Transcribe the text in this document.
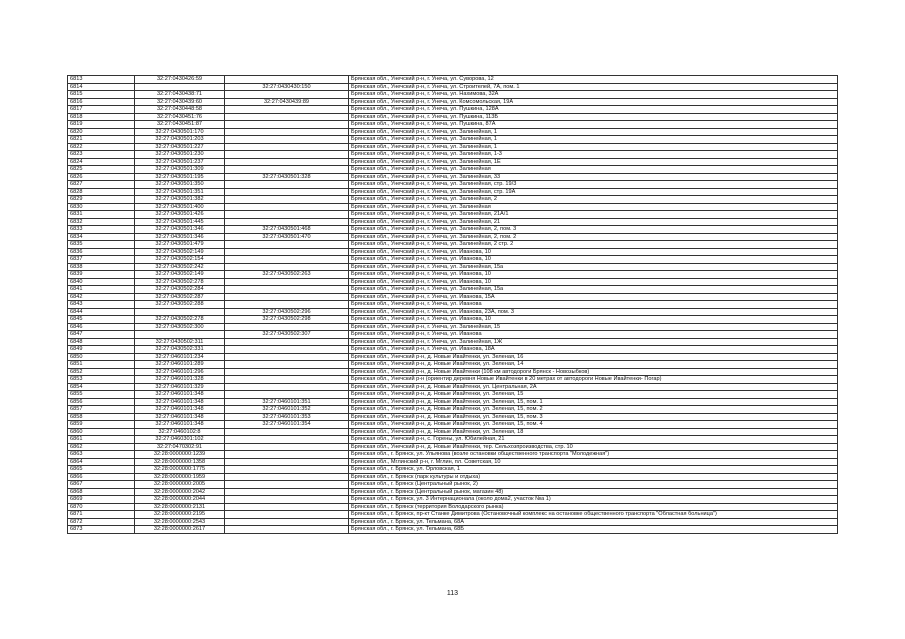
6813	32:27:0430426:59		Брянская обл., Унечский р-н, г. Унеча, ул. Суворова, 12
6814		32:27:0430430:150	Брянская обл., Унечский р-н, г. Унеча, ул. Строителей, 7А, пом. 1
6815	32:27:0430438:71		Брянская обл., Унечский р-н, г. Унеча, ул. Нахимова, 32А
6816	32:27:0430439:60	32:27:0430439:89	Брянская обл., Унечский р-н, г. Унеча, ул. Комсомольская, 19А
6817	32:27:0430448:58		Брянская обл., Унечский р-н, г. Унеча, ул. Пушкина, 128А
6818	32:27:0430451:76		Брянская обл., Унечский р-н, г. Унеча, ул. Пушкина, 113Б
6819	32:27:0430451:87		Брянская обл., Унечский р-н, г. Унеча, ул. Пушкина, 87А
6820	32:27:0430501:170		Брянская обл., Унечский р-н, г. Унеча, ул. Залинейная, 1
6821	32:27:0430501:203		Брянская обл., Унечский р-н, г. Унеча, ул. Залинейная, 1
6822	32:27:0430501:227		Брянская обл., Унечский р-н, г. Унеча, ул. Залинейная, 1
6823	32:27:0430501:230		Брянская обл., Унечский р-н, г. Унеча, ул. Залинейная, 1-3
6824	32:27:0430501:237		Брянская обл., Унечский р-н, г. Унеча, ул. Залинейная, 1Е
6825	32:27:0430501:309		Брянская обл., Унечский р-н, г. Унеча, ул. Залинейная
6826	32:27:0430501:195	32:27:0430501:328	Брянская обл., Унечский р-н, г. Унеча, ул. Залинейная, 33
6827	32:27:0430501:350		Брянская обл., Унечский р-н, г. Унеча, ул. Залинейная, стр. 19/3
6828	32:27:0430501:351		Брянская обл., Унечский р-н, г. Унеча, ул. Залинейная, стр. 19А
6829	32:27:0430501:382		Брянская обл., Унечский р-н, г. Унеча, ул. Залинейная, 2
6830	32:27:0430501:400		Брянская обл., Унечский р-н, г. Унеча, ул. Залинейная
6831	32:27:0430501:426		Брянская обл., Унечский р-н, г. Унеча, ул. Залинейная, 21А/1
6832	32:27:0430501:445		Брянская обл., Унечский р-н, г. Унеча, ул. Залинейная, 21
6833	32:27:0430501:346	32:27:0430501:468	Брянская обл., Унечский р-н, г. Унеча, ул. Залинейная, 2, пом. 3
6834	32:27:0430501:346	32:27:0430501:470	Брянская обл., Унечский р-н, г. Унеча, ул. Залинейная, 2, пом. 2
6835	32:27:0430501:479		Брянская обл., Унечский р-н, г. Унеча, ул. Залинейная, 2 стр. 2
6836	32:27:0430502:149		Брянская обл., Унечский р-н, г. Унеча, ул. Иванова, 10
6837	32:27:0430502:154		Брянская обл., Унечский р-н, г. Унеча, ул. Иванова, 10
6838	32:27:0430502:242		Брянская обл., Унечский р-н, г. Унеча, ул. Залинейная, 15а
6839	32:27:0430502:149	32:27:0430502:263	Брянская обл., Унечский р-н, г. Унеча, ул. Иванова, 10
6840	32:27:0430502:278		Брянская обл., Унечский р-н, г. Унеча, ул. Иванова, 10
6841	32:27:0430502:284		Брянская обл., Унечский р-н, г. Унеча, ул. Залинейная, 15а
6842	32:27:0430502:287		Брянская обл., Унечский р-н, г. Унеча, ул. Иванова, 15А
6843	32:27:0430502:288		Брянская обл., Унечский р-н, г. Унеча, ул. Иванова
6844		32:27:0430502:296	Брянская обл., Унечский р-н, г. Унеча, ул. Иванова, 23А, пом. 3
6845	32:27:0430502:278	32:27:0430502:298	Брянская обл., Унечский р-н, г. Унеча, ул. Иванова, 10
6846	32:27:0430502:300		Брянская обл., Унечский р-н, г. Унеча, ул. Залинейная, 15
6847		32:27:0430502:307	Брянская обл., Унечский р-н, г. Унеча, ул. Иванова
6848	32:27:0430502:311		Брянская обл., Унечский р-н, г. Унеча, ул. Залинейная, 1Ж
6849	32:27:0430502:331		Брянская обл., Унечский р-н, г. Унеча, ул. Иванова, 18А
6850	32:27:0460101:234		Брянская обл., Унечский р-н, д. Новые Ивайтенки, ул. Зеленая, 16
6851	32:27:0460101:289		Брянская обл., Унечский р-н, д. Новые Ивайтенки, ул. Зеленая, 14
6852	32:27:0460101:296		Брянская обл., Унечский р-н, д. Новые Ивайтенки (108 км автодороги Брянск - Новозыбков)
6853	32:27:0460101:328		Брянская обл., Унечский р-н (ориентир деревня Новые Ивайтенки в 20 метрах от автодороги Новые Ивайтенки- Погар)
6854	32:27:0460101:329		Брянская обл., Унечский р-н, д. Новые Ивайтенки, ул. Центральная, 2А
6855	32:27:0460101:348		Брянская обл., Унечский р-н, д. Новые Ивайтенки, ул. Зеленая, 15
6856	32:27:0460101:348	32:27:0460101:351	Брянская обл., Унечский р-н, д. Новые Ивайтенки, ул. Зеленая, 15, пом. 1
6857	32:27:0460101:348	32:27:0460101:352	Брянская обл., Унечский р-н, д. Новые Ивайтенки, ул. Зеленая, 15, пом. 2
6858	32:27:0460101:348	32:27:0460101:353	Брянская обл., Унечский р-н, д. Новые Ивайтенки, ул. Зеленая, 15, пом. 3
6859	32:27:0460101:348	32:27:0460101:354	Брянская обл., Унечский р-н, д. Новые Ивайтенки, ул. Зеленая, 15, пом. 4
6860	32:27:0460102:8		Брянская обл., Унечский р-н, д. Новые Ивайтенки, ул. Зеленая, 18
6861	32:27:0460301:102		Брянская обл., Унечский р-н, с. Горены, ул. Юбилейная, 21
6862	32:27:0470302:91		Брянская обл., Унечский р-н, д. Новые Ивайтенки, тер. Сельхозпроизводства, стр. 10
6863	32:28:0000000:1239		Брянская обл., г. Брянск, ул. Ульянова (возле остановки общественного транспорта "Молодежная")
6864	32:28:0000000:1358		Брянская обл., Мглинский р-н, г. Мглин, пл. Советская, 10
6865	32:28:0000000:1775		Брянская обл., г. Брянск, ул. Орловская, 1
6866	32:28:0000000:1959		Брянская обл., г. Брянск (парк культуры и отдыха)
6867	32:28:0000000:2005		Брянская обл., г. Брянск (Центральный рынок, 2)
6868	32:28:0000000:2042		Брянская обл., г. Брянск (Центральный рынок, магазин 48)
6869	32:28:0000000:2044		Брянская обл., г. Брянск, ул. 3 Интернационала (около дома2, участок №а 1)
6870	32:28:0000000:2131		Брянская обл., г. Брянск (территория Володарского рынка)
6871	32:28:0000000:2195		Брянская обл., г. Брянск, пр-кт Станке Димитрова (Остановочный комплекс на остановке общественного транспорта "Областная больница")
6872	32:28:0000000:2543		Брянская обл., г. Брянск, ул. Тельмана, 68А
6873	32:28:0000000:2617		Брянская обл., г. Брянск, ул. Тельмана, 68Б
113
